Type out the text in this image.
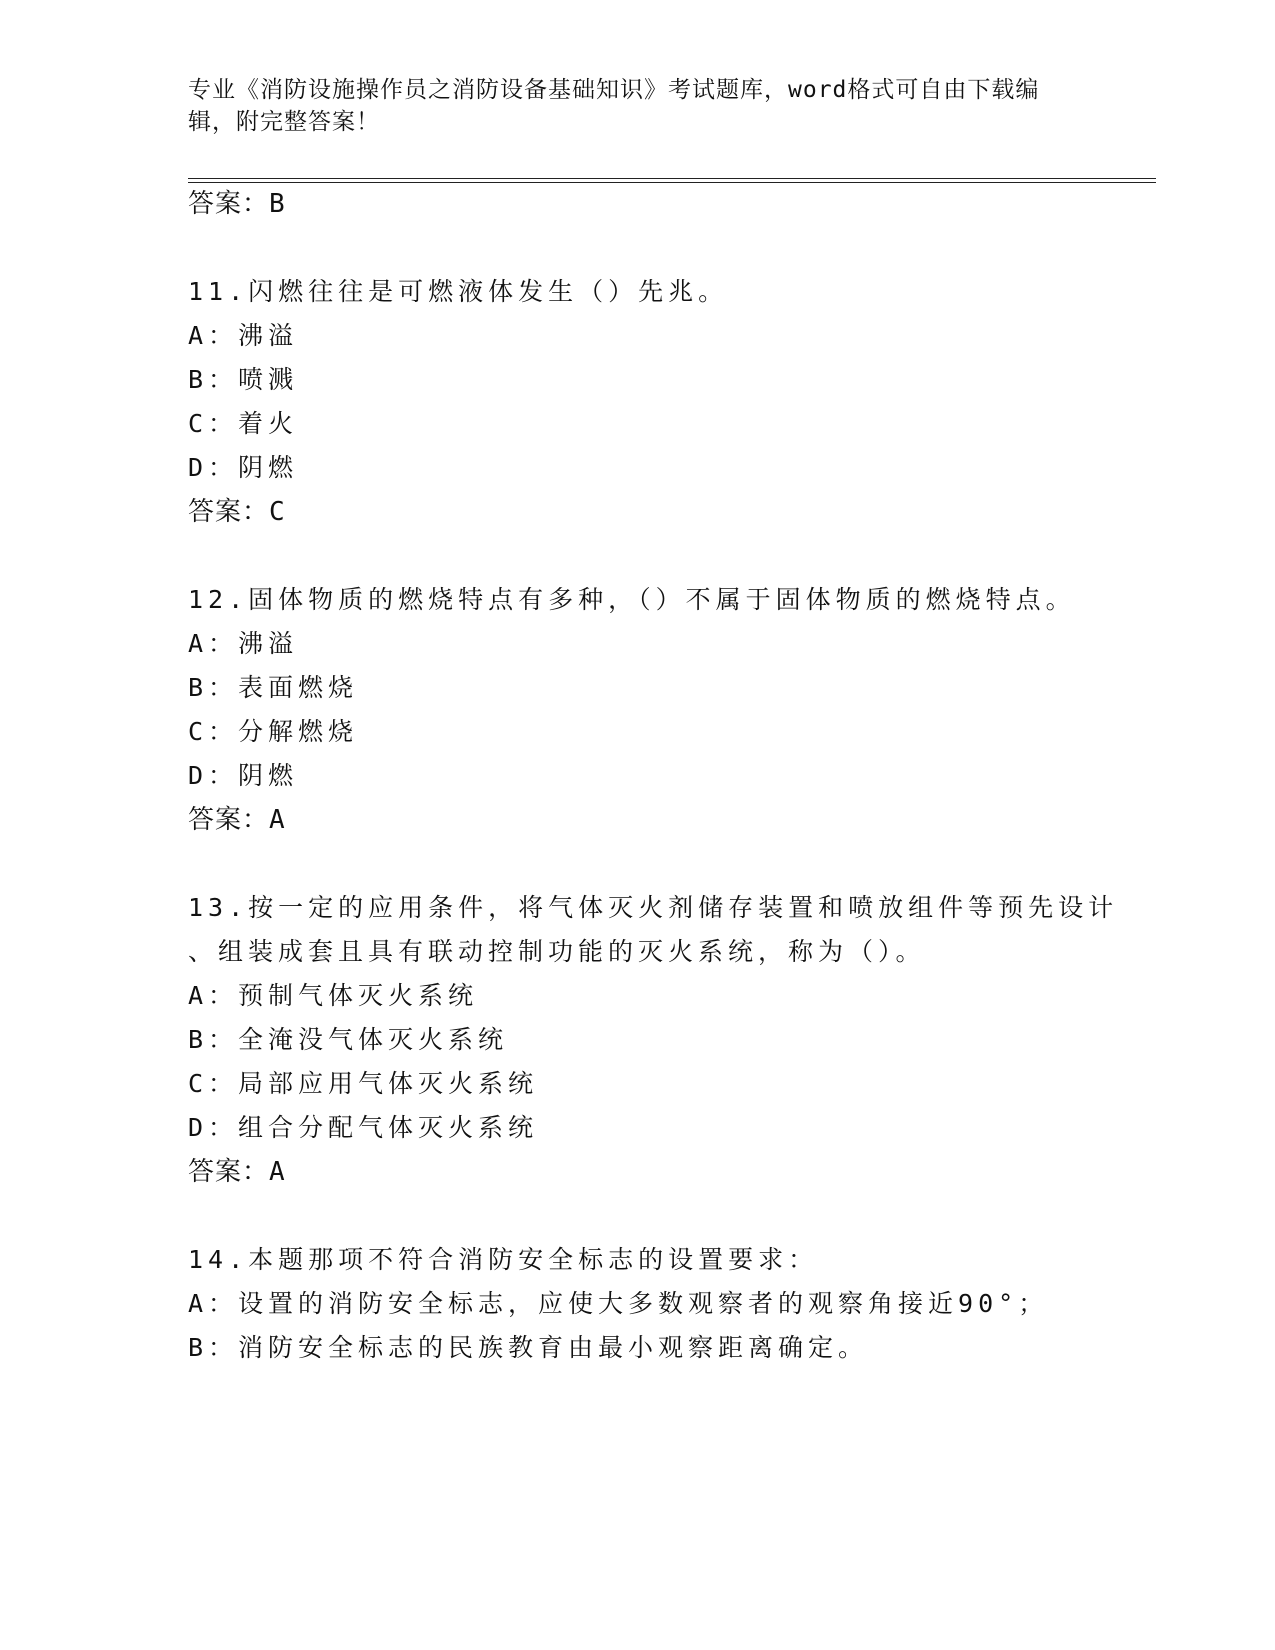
专业《消防设施操作员之消防设备基础知识》考试题库，word格式可自由下载编
辑，附完整答案！
答案：B
11.闪燃往往是可燃液体发生（）先兆。
A：沸溢
B：喷溅
C：着火
D：阴燃
答案：C
12.固体物质的燃烧特点有多种，（）不属于固体物质的燃烧特点。
A：沸溢
B：表面燃烧
C：分解燃烧
D：阴燃
答案：A
13.按一定的应用条件，将气体灭火剂储存装置和喷放组件等预先设计
、组装成套且具有联动控制功能的灭火系统，称为（）。
A：预制气体灭火系统
B：全淹没气体灭火系统
C：局部应用气体灭火系统
D：组合分配气体灭火系统
答案：A
14.本题那项不符合消防安全标志的设置要求：
A：设置的消防安全标志，应使大多数观察者的观察角接近90°；
B：消防安全标志的民族教育由最小观察距离确定。
